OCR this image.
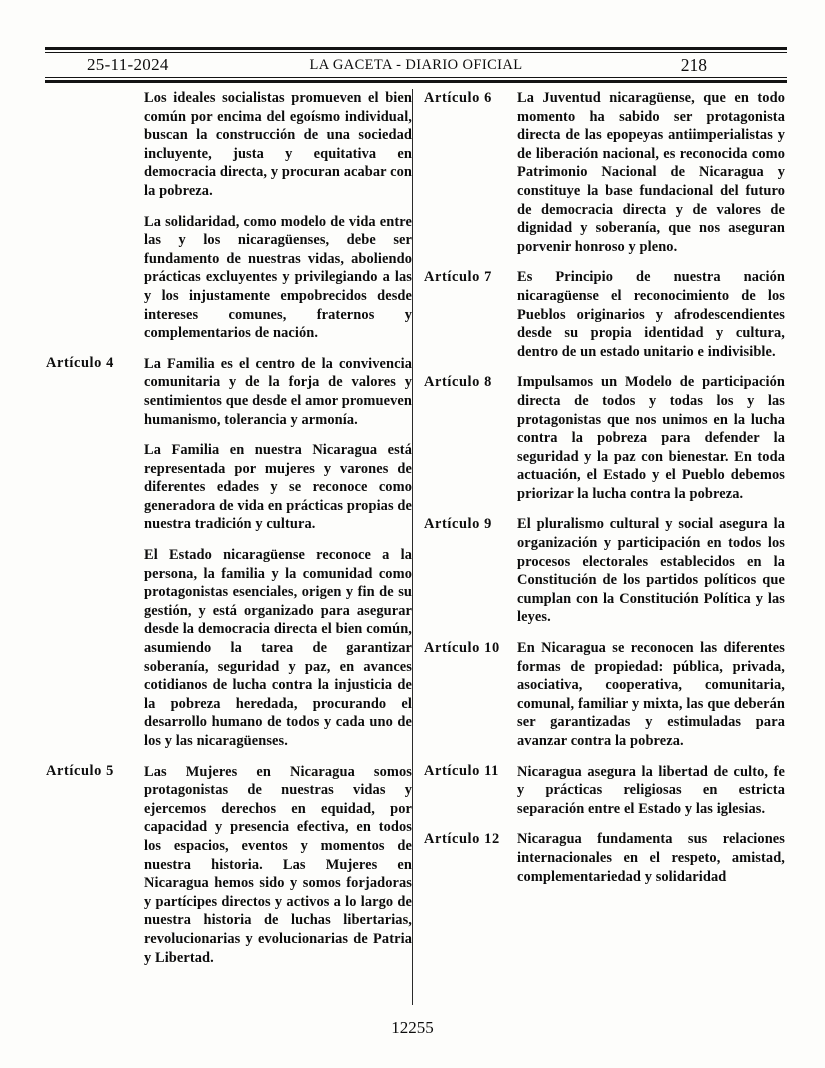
25-11-2024	LA GACETA - DIARIO OFICIAL	218

Los ideales socialistas promueven el bien común por encima del egoísmo individual, buscan la construcción de una sociedad incluyente, justa y equitativa en democracia directa, y procuran acabar con la pobreza.

La solidaridad, como modelo de vida entre las y los nicaragüenses, debe ser fundamento de nuestras vidas, aboliendo prácticas excluyentes y privilegiando a las y los injustamente empobrecidos desde intereses comunes, fraternos y complementarios de nación.

Artículo 4	La Familia es el centro de la convivencia comunitaria y de la forja de valores y sentimientos que desde el amor promueven humanismo, tolerancia y armonía.

La Familia en nuestra Nicaragua está representada por mujeres y varones de diferentes edades y se reconoce como generadora de vida en prácticas propias de nuestra tradición y cultura.

El Estado nicaragüense reconoce a la persona, la familia y la comunidad como protagonistas esenciales, origen y fin de su gestión, y está organizado para asegurar desde la democracia directa el bien común, asumiendo la tarea de garantizar soberanía, seguridad y paz, en avances cotidianos de lucha contra la injusticia de la pobreza heredada, procurando el desarrollo humano de todos y cada uno de los y las nicaragüenses.

Artículo 5	Las Mujeres en Nicaragua somos protagonistas de nuestras vidas y ejercemos derechos en equidad, por capacidad y presencia efectiva, en todos los espacios, eventos y momentos de nuestra historia. Las Mujeres en Nicaragua hemos sido y somos forjadoras y partícipes directos y activos a lo largo de nuestra historia de luchas libertarias, revolucionarias y evolucionarias de Patria y Libertad.

Artículo 6	La Juventud nicaragüense, que en todo momento ha sabido ser protagonista directa de las epopeyas antiimperialistas y de liberación nacional, es reconocida como Patrimonio Nacional de Nicaragua y constituye la base fundacional del futuro de democracia directa y de valores de dignidad y soberanía, que nos aseguran porvenir honroso y pleno.

Artículo 7	Es Principio de nuestra nación nicaragüense el reconocimiento de los Pueblos originarios y afrodescendientes desde su propia identidad y cultura, dentro de un estado unitario e indivisible.

Artículo 8	Impulsamos un Modelo de participación directa de todos y todas los y las protagonistas que nos unimos en la lucha contra la pobreza para defender la seguridad y la paz con bienestar. En toda actuación, el Estado y el Pueblo debemos priorizar la lucha contra la pobreza.

Artículo 9	El pluralismo cultural y social asegura la organización y participación en todos los procesos electorales establecidos en la Constitución de los partidos políticos que cumplan con la Constitución Política y las leyes.

Artículo 10	En Nicaragua se reconocen las diferentes formas de propiedad: pública, privada, asociativa, cooperativa, comunitaria, comunal, familiar y mixta, las que deberán ser garantizadas y estimuladas para avanzar contra la pobreza.

Artículo 11	Nicaragua asegura la libertad de culto, fe y prácticas religiosas en estricta separación entre el Estado y las iglesias.

Artículo 12	Nicaragua fundamenta sus relaciones internacionales en el respeto, amistad, complementariedad y solidaridad

12255
